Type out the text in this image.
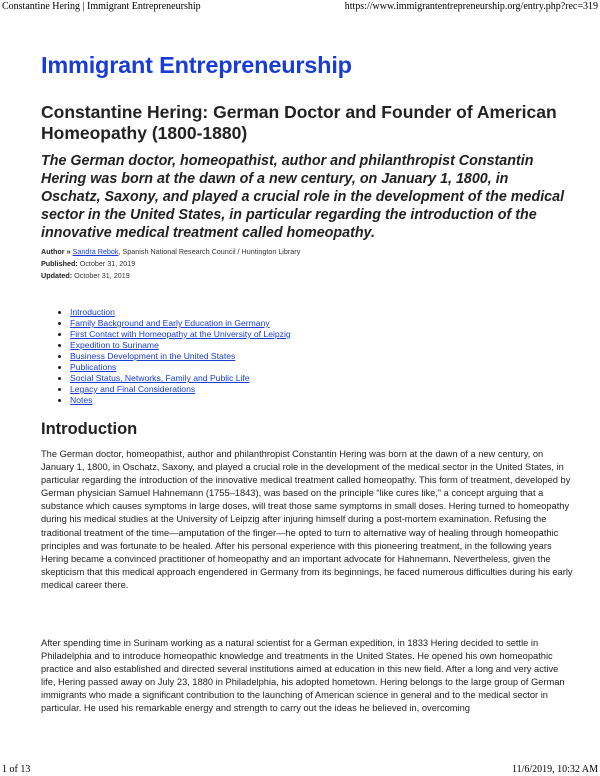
Constantine Hering | Immigrant Entrepreneurship	https://www.immigrantentrepreneurship.org/entry.php?rec=319
Immigrant Entrepreneurship
Constantine Hering: German Doctor and Founder of American Homeopathy (1800-1880)

The German doctor, homeopathist, author and philanthropist Constantin Hering was born at the dawn of a new century, on January 1, 1800, in Oschatz, Saxony, and played a crucial role in the development of the medical sector in the United States, in particular regarding the introduction of the innovative medical treatment called homeopathy.

Author » Sandra Rebok, Spanish National Research Council / Huntington Library
Published: October 31, 2019
Updated: October 31, 2019
• Introduction
• Family Background and Early Education in Germany
• First Contact with Homeopathy at the University of Leipzig
• Expedition to Suriname
• Business Development in the United States
• Publications
• Social Status, Networks, Family and Public Life
• Legacy and Final Considerations
• Notes
Introduction

The German doctor, homeopathist, author and philanthropist Constantin Hering was born at the dawn of a new century, on January 1, 1800, in Oschatz, Saxony, and played a crucial role in the development of the medical sector in the United States, in particular regarding the introduction of the innovative medical treatment called homeopathy. This form of treatment, developed by German physician Samuel Hahnemann (1755–1843), was based on the principle “like cures like,” a concept arguing that a substance which causes symptoms in large doses, will treat those same symptoms in small doses. Hering turned to homeopathy during his medical studies at the University of Leipzig after injuring himself during a post-mortem examination. Refusing the traditional treatment of the time—amputation of the finger—he opted to turn to alternative way of healing through homeopathic principles and was fortunate to be healed. After his personal experience with this pioneering treatment, in the following years Hering became a convinced practitioner of homeopathy and an important advocate for Hahnemann. Nevertheless, given the skepticism that this medical approach engendered in Germany from its beginnings, he faced numerous difficulties during his early medical career there.

After spending time in Surinam working as a natural scientist for a German expedition, in 1833 Hering decided to settle in Philadelphia and to introduce homeopathic knowledge and treatments in the United States. He opened his own homeopathic practice and also established and directed several institutions aimed at education in this new field. After a long and very active life, Hering passed away on July 23, 1880 in Philadelphia, his adopted hometown. Hering belongs to the large group of German immigrants who made a significant contribution to the launching of American science in general and to the medical sector in particular. He used his remarkable energy and strength to carry out the ideas he believed in, overcoming

1 of 13	11/6/2019, 10:32 AM
